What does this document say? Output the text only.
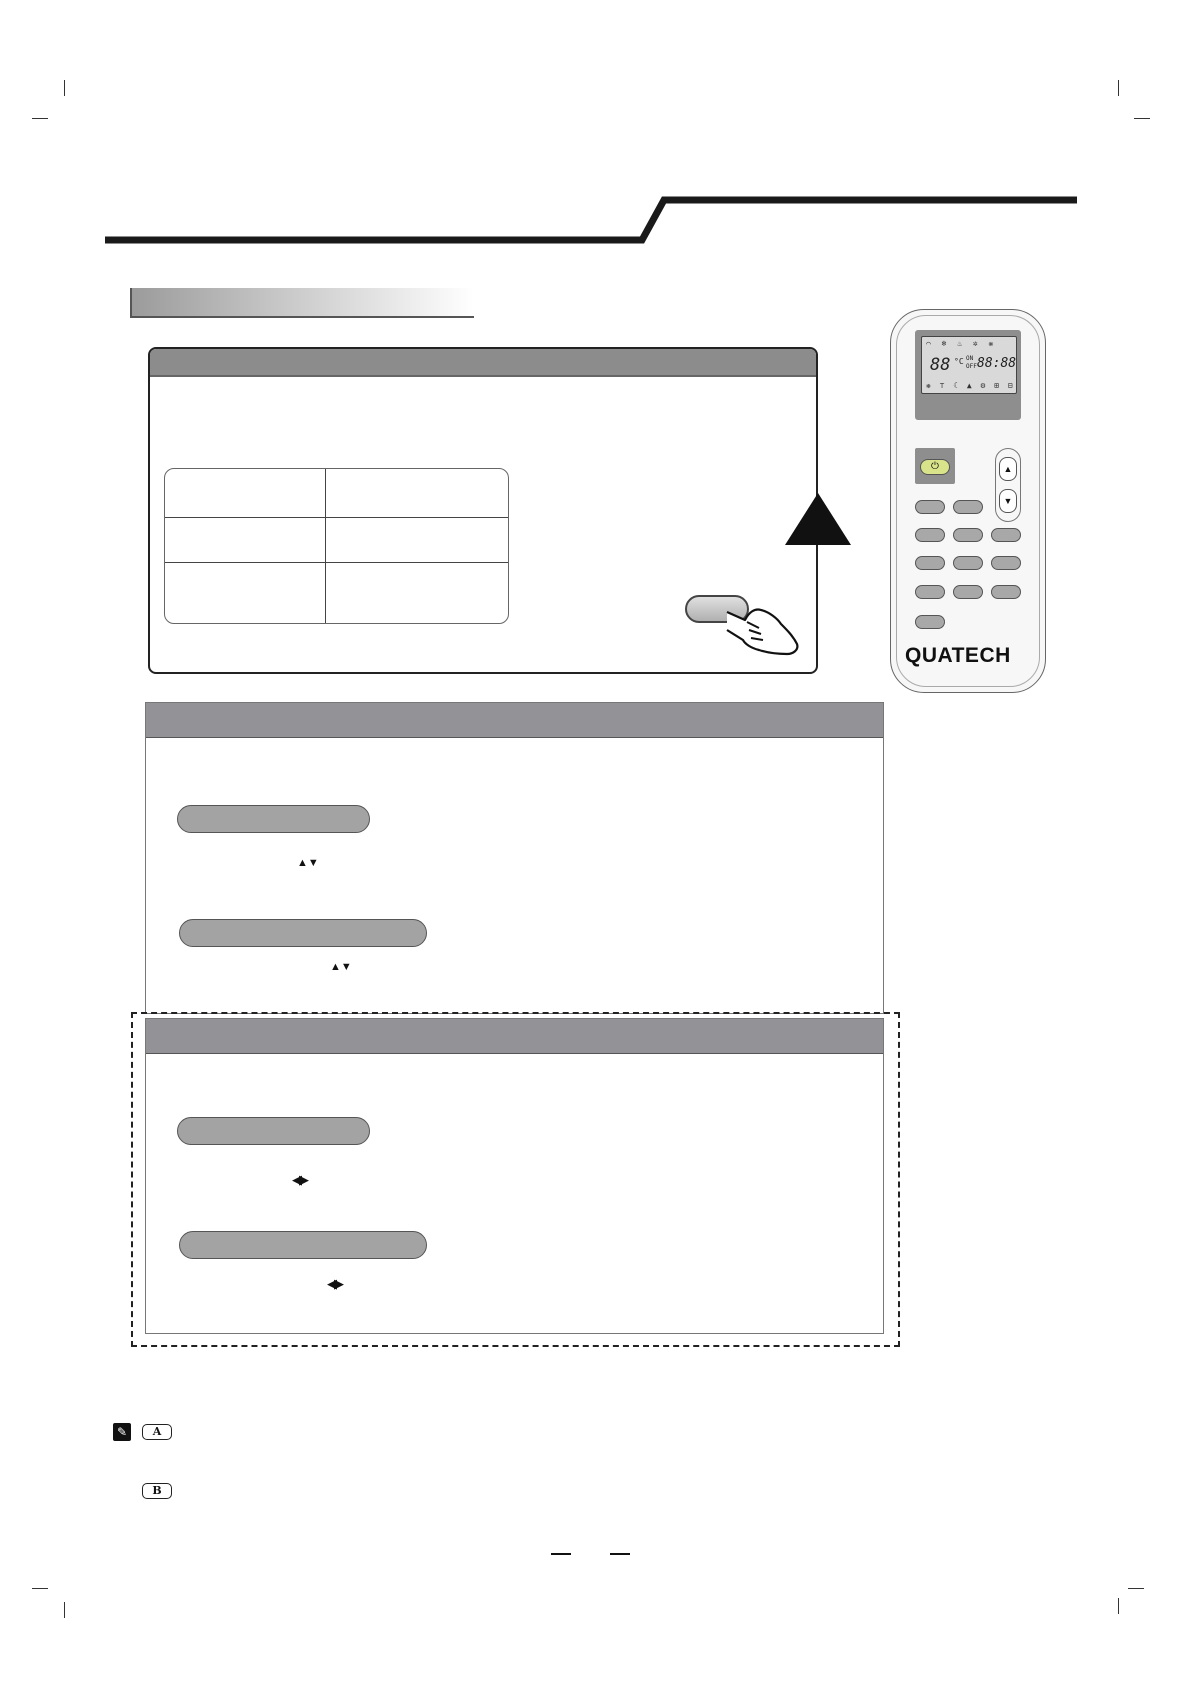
▲▼
▲▼
◀▶
◀▶
⌒ ❄ ♨ ✲ ❋
88 °C ON
OFF 88:88
❋ ⊤ ☾ ▲ ⚙ ⊞ ⊟
⏻	▲
▼
QUATECH
✎	A
B
